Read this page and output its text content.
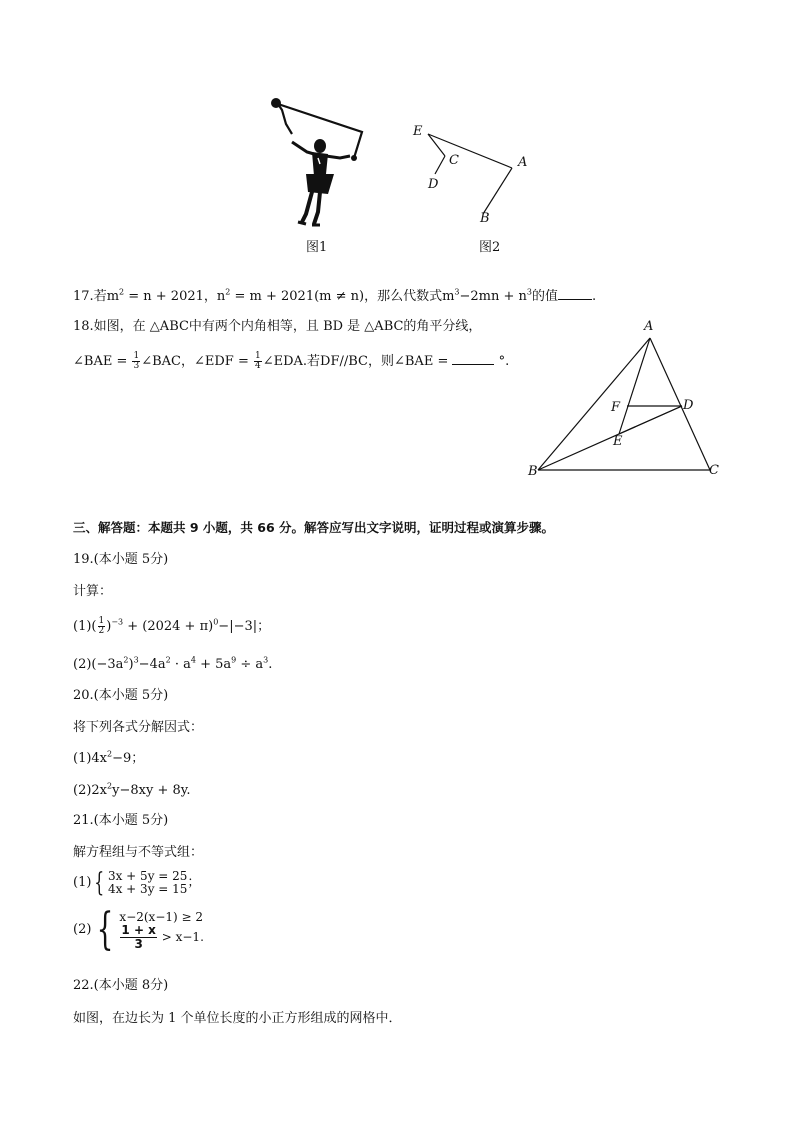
图1
E
C
D
A
B
图2
17.若$m^2 = n + 2021$，$n^2 = m + 2021(m \ne n)$，那么代数式$m^3-2mn + n^3$的值	.
18.如图，在 △ABC中有两个内角相等，且 BD 是 △ABC的角平分线，
∠BAE = $\frac{1}{3}$ ∠BAC，∠EDF = $\frac{1}{4}$ ∠EDA.若DF//BC，则∠BAE =	°.
A
F	D
E
B	C
三、解答题：本题共 9 小题，共 66 分。解答应写出文字说明，证明过程或演算步骤。
19.(本小题 5分)
计算：
$(1)( \frac{1}{2} )^{-3} + (2024 + \pi)^0-|-3|$；
$(2)(-3a^2)^3-4a^2 \cdot a^4 + 5a^9 \div a^3$.
20.(本小题 5分)
将下列各式分解因式：
$(1)4x^2-9$；
$(2)2x^2y-8xy + 8y$.
21.(本小题 5分)
解方程组与不等式组：
(1) { 3x + 5y = 25
4x + 3y = 15 ；
(2) { x−2(x−1) ≥ 2
$\frac{1 + x}{3} > x-1$.
22.(本小题 8分)
如图，在边长为 1 个单位长度的小正方形组成的网格中．
